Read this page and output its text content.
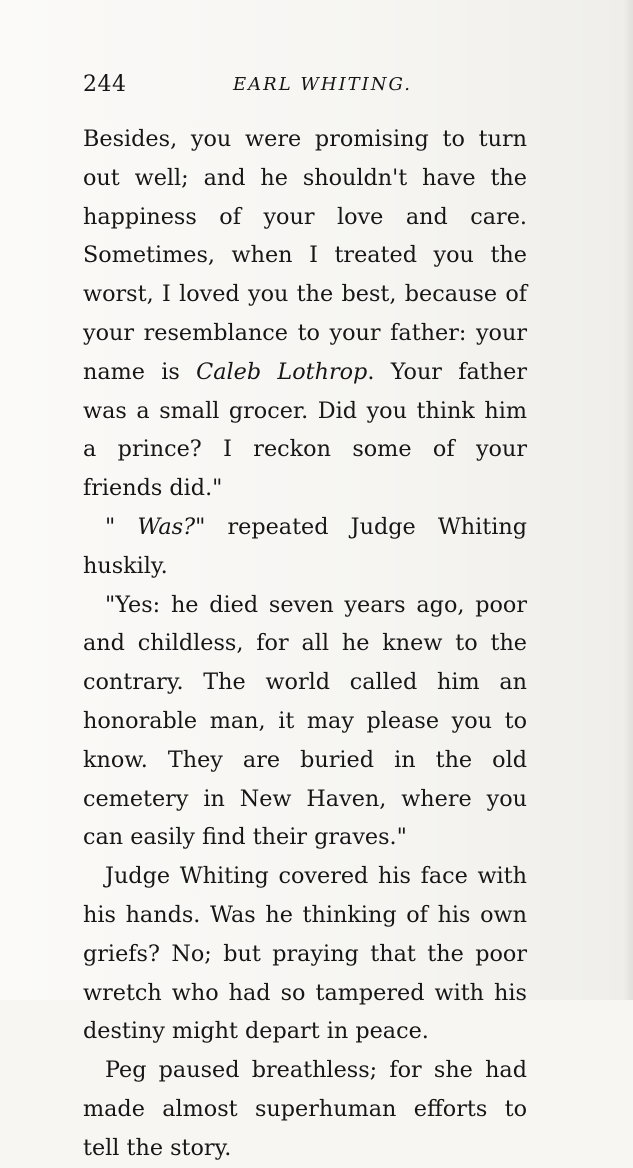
244	EARL WHITING.

Besides, you were promising to turn out well; and he shouldn't have the happiness of your love and care. Sometimes, when I treated you the worst, I loved you the best, because of your resemblance to your father: your name is Caleb Lothrop. Your father was a small grocer. Did you think him a prince? I reckon some of your friends did."

" Was?" repeated Judge Whiting huskily.

"Yes: he died seven years ago, poor and childless, for all he knew to the contrary. The world called him an honorable man, it may please you to know. They are buried in the old cemetery in New Haven, where you can easily find their graves."

Judge Whiting covered his face with his hands. Was he thinking of his own griefs? No; but praying that the poor wretch who had so tampered with his destiny might depart in peace.

Peg paused breathless; for she had made almost superhuman efforts to tell the story.
